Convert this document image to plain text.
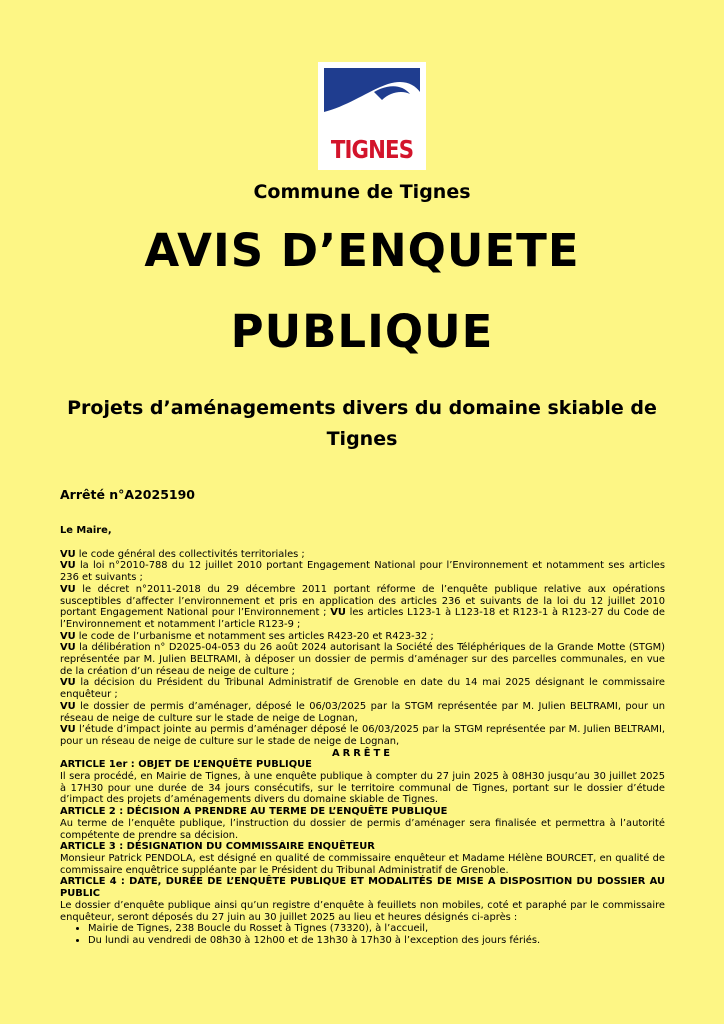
TIGNES
Commune de Tignes
AVIS D’ENQUETE
PUBLIQUE
Projets d’aménagements divers du domaine skiable de Tignes
Arrêté n°A2025190

Le Maire,

VU le code général des collectivités territoriales ;

VU la loi n°2010-788 du 12 juillet 2010 portant Engagement National pour l’Environnement et notamment ses articles 236 et suivants ;

VU le décret n°2011-2018 du 29 décembre 2011 portant réforme de l’enquête publique relative aux opérations susceptibles d’affecter l’environnement et pris en application des articles 236 et suivants de la loi du 12 juillet 2010 portant Engagement National pour l’Environnement ; VU les articles L123-1 à L123-18 et R123-1 à R123-27 du Code de l’Environnement et notamment l’article R123-9 ;

VU le code de l’urbanisme et notamment ses articles R423-20 et R423-32 ;

VU la délibération n° D2025-04-053 du 26 août 2024 autorisant la Société des Téléphériques de la Grande Motte (STGM) représentée par M. Julien BELTRAMI, à déposer un dossier de permis d’aménager sur des parcelles communales, en vue de la création d’un réseau de neige de culture ;

VU la décision du Président du Tribunal Administratif de Grenoble en date du 14 mai 2025 désignant le commissaire enquêteur ;

VU le dossier de permis d’aménager, déposé le 06/03/2025 par la STGM représentée par M. Julien BELTRAMI, pour un réseau de neige de culture sur le stade de neige de Lognan,

VU l’étude d’impact jointe au permis d’aménager déposé le 06/03/2025 par la STGM représentée par M. Julien BELTRAMI, pour un réseau de neige de culture sur le stade de neige de Lognan,

ARRÊTE

ARTICLE 1er : OBJET DE L’ENQUÊTE PUBLIQUE

Il sera procédé, en Mairie de Tignes, à une enquête publique à compter du 27 juin 2025 à 08H30 jusqu’au 30 juillet 2025 à 17H30 pour une durée de 34 jours consécutifs, sur le territoire communal de Tignes, portant sur le dossier d’étude d’impact des projets d’aménagements divers du domaine skiable de Tignes.

ARTICLE 2 : DÉCISION A PRENDRE AU TERME DE L’ENQUÊTE PUBLIQUE

Au terme de l’enquête publique, l’instruction du dossier de permis d’aménager sera finalisée et permettra à l’autorité compétente de prendre sa décision.

ARTICLE 3 : DÉSIGNATION DU COMMISSAIRE ENQUÊTEUR

Monsieur Patrick PENDOLA, est désigné en qualité de commissaire enquêteur et Madame Hélène BOURCET, en qualité de commissaire enquêtrice suppléante par le Président du Tribunal Administratif de Grenoble.

ARTICLE 4 : DATE, DURÉE DE L’ENQUÊTE PUBLIQUE ET MODALITÉS DE MISE A DISPOSITION DU DOSSIER AU PUBLIC

Le dossier d’enquête publique ainsi qu’un registre d’enquête à feuillets non mobiles, coté et paraphé par le commissaire enquêteur, seront déposés du 27 juin au 30 juillet 2025 au lieu et heures désignés ci-après :

• Mairie de Tignes, 238 Boucle du Rosset à Tignes (73320), à l’accueil,
• Du lundi au vendredi de 08h30 à 12h00 et de 13h30 à 17h30 à l’exception des jours fériés.
